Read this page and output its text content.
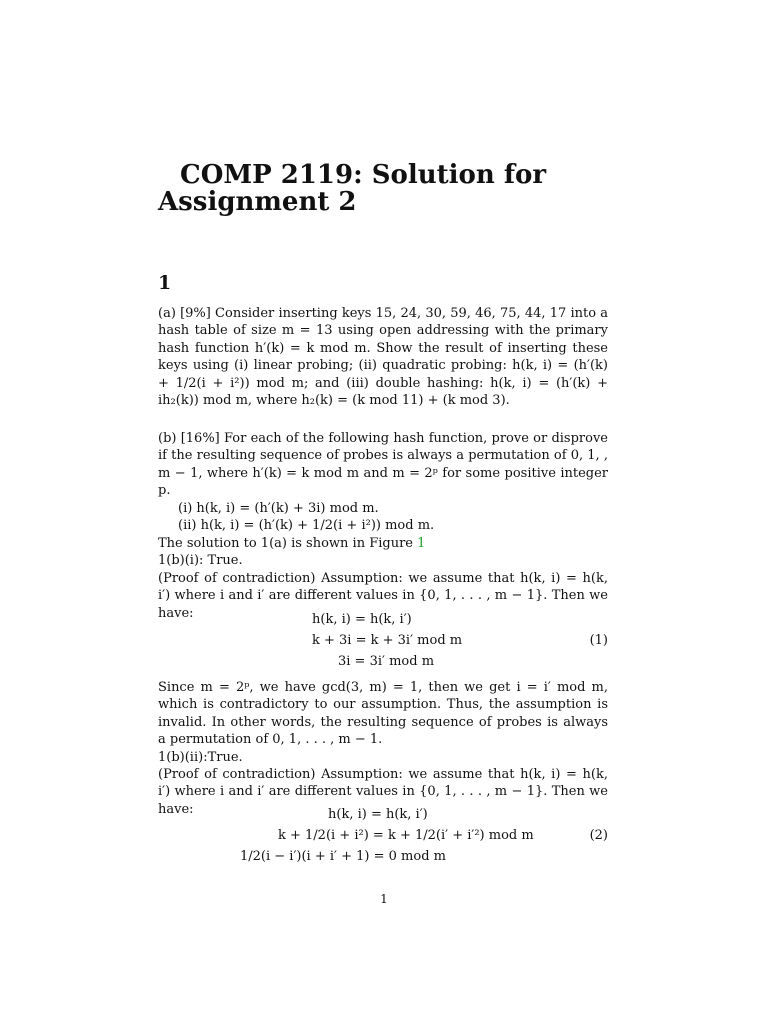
COMP 2119: Solution for Assignment 2
1

(a) [9%] Consider inserting keys 15, 24, 30, 59, 46, 75, 44, 17 into a hash table of size m = 13 using open addressing with the primary hash function h′(k) = k mod m. Show the result of inserting these keys using (i) linear probing; (ii) quadratic probing: h(k, i) = (h′(k) + 1/2(i + i²)) mod m; and (iii) double hashing: h(k, i) = (h′(k) + ih₂(k)) mod m, where h₂(k) = (k mod 11) + (k mod 3).

(b) [16%] For each of the following hash function, prove or disprove if the resulting sequence of probes is always a permutation of 0, 1, , m − 1, where h′(k) = k mod m and m = 2ᵖ for some positive integer p.

(i) h(k, i) = (h′(k) + 3i) mod m.

(ii) h(k, i) = (h′(k) + 1/2(i + i²)) mod m.

The solution to 1(a) is shown in Figure 1

1(b)(i): True.

(Proof of contradiction) Assumption: we assume that h(k, i) = h(k, i′) where i and i′ are different values in {0, 1, . . . , m − 1}. Then we have:	h(k, i) = h(k, i′)
k + 3i = k + 3i′ mod m	(1)
3i = 3i′ mod m

Since m = 2ᵖ, we have gcd(3, m) = 1, then we get i = i′ mod m, which is contradictory to our assumption. Thus, the assumption is invalid. In other words, the resulting sequence of probes is always a permutation of 0, 1, . . . , m − 1.

1(b)(ii):True.

(Proof of contradiction) Assumption: we assume that h(k, i) = h(k, i′) where i and i′ are different values in {0, 1, . . . , m − 1}. Then we have:	h(k, i) = h(k, i′)
k + 1/2(i + i²) = k + 1/2(i′ + i′²) mod m	(2)
1/2(i − i′)(i + i′ + 1) = 0 mod m
1
